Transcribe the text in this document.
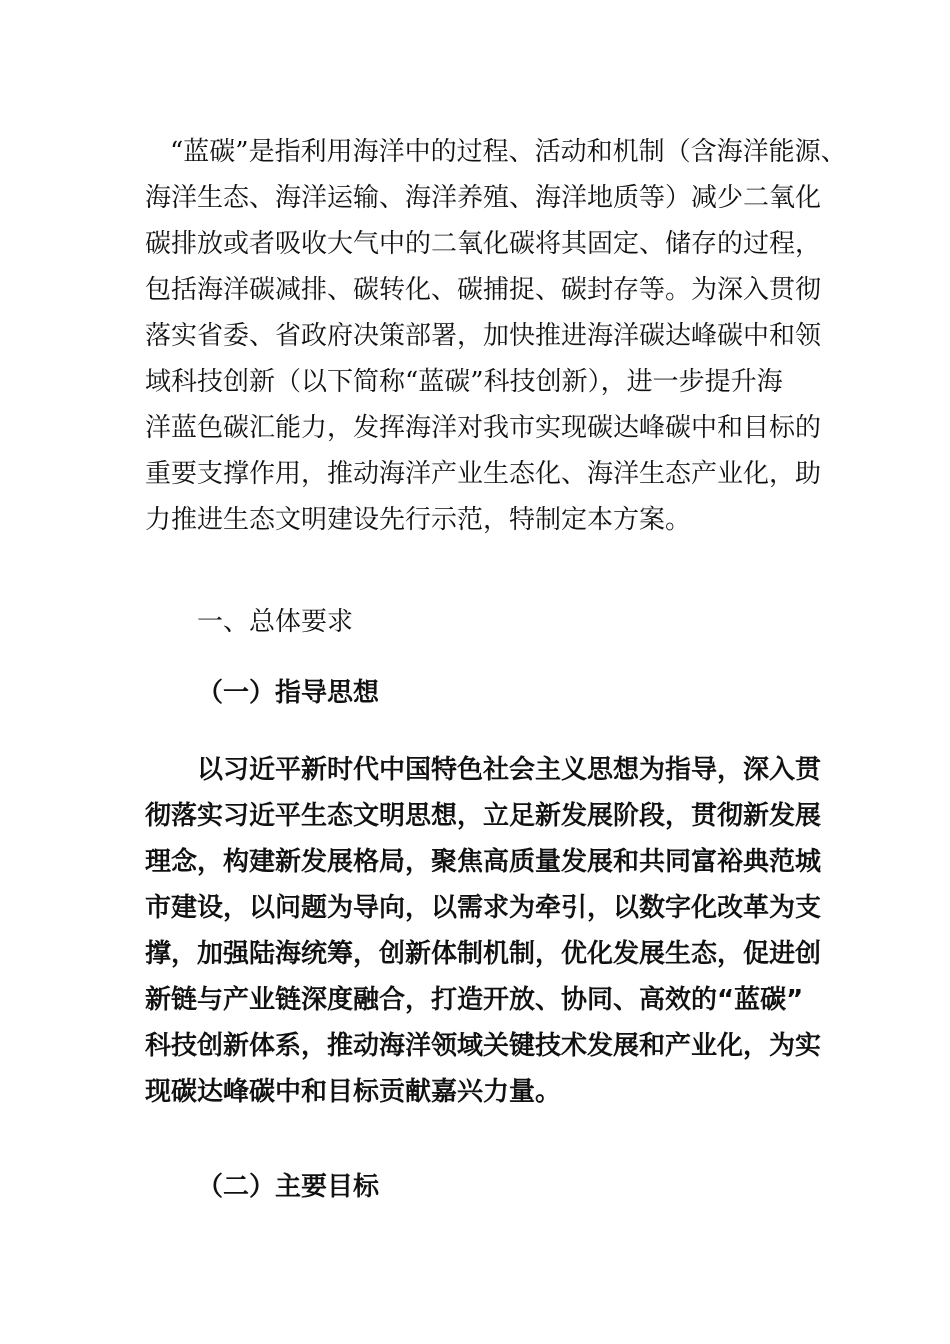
“蓝碳”是指利用海洋中的过程、活动和机制（含海洋能源、
海洋生态、海洋运输、海洋养殖、海洋地质等）减少二氧化
碳排放或者吸收大气中的二氧化碳将其固定、储存的过程，
包括海洋碳减排、碳转化、碳捕捉、碳封存等。为深入贯彻
落实省委、省政府决策部署，加快推进海洋碳达峰碳中和领
域科技创新（以下简称“蓝碳”科技创新），进一步提升海
洋蓝色碳汇能力，发挥海洋对我市实现碳达峰碳中和目标的
重要支撑作用，推动海洋产业生态化、海洋生态产业化，助
力推进生态文明建设先行示范，特制定本方案。
一、总体要求
（一）指导思想
以习近平新时代中国特色社会主义思想为指导，深入贯
彻落实习近平生态文明思想，立足新发展阶段，贯彻新发展
理念，构建新发展格局，聚焦高质量发展和共同富裕典范城
市建设，以问题为导向，以需求为牵引，以数字化改革为支
撑，加强陆海统筹，创新体制机制，优化发展生态，促进创
新链与产业链深度融合，打造开放、协同、高效的“蓝碳”
科技创新体系，推动海洋领域关键技术发展和产业化，为实
现碳达峰碳中和目标贡献嘉兴力量。
（二）主要目标
